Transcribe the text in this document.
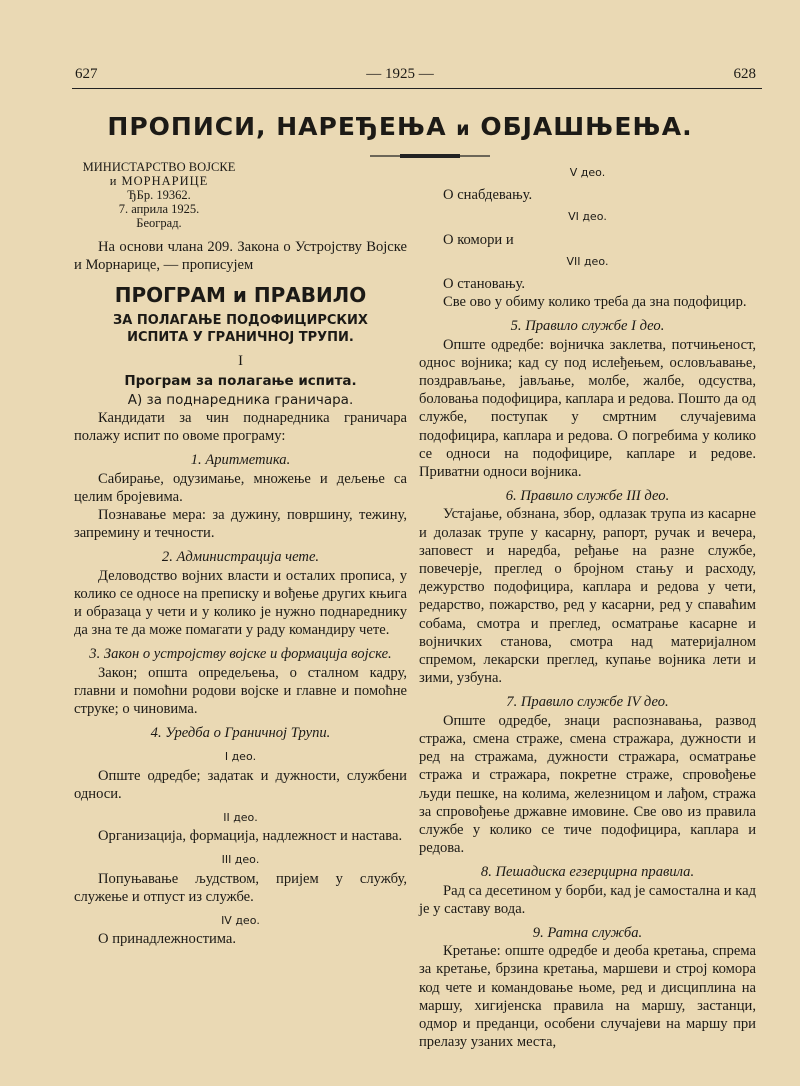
627	— 1925 —	628
ПРОПИСИ, НАРЕЂЕЊА и ОБЈАШЊЕЊА.
МИНИСТАРСТВО ВОЈСКЕ
и МОРНАРИЦЕ
ЂБр. 19362.
7. априла 1925.
Београд.

На основи члана 209. Закона о Устројству Војске и Морнарице, — прописујем

ПРОГРАМ и ПРАВИЛО
ЗА ПОЛАГАЊЕ ПОДОФИЦИРСКИХ ИСПИТА У ГРАНИЧНОЈ ТРУПИ.
I
Програм за полагање испита.
А) за поднаредника граничара.

Кандидати за чин поднаредника граничара полажу испит по овоме програму:

1. Аритметика.

Сабирање, одузимање, множење и дељење са целим бројевима.

Познавање мера: за дужину, површину, тежину, запремину и течности.

2. Администрација чете.

Деловодство војних власти и осталих прописа, у колико се односе на преписку и вођење других књига и образаца у чети и у колико је нужно поднареднику да зна те да може помагати у раду командиру чете.

3. Закон о устројству војске и формација војске.

Закон; општа опредељења, о сталном кадру, главни и помоћни родови војске и главне и помоћне струке; о чиновима.

4. Уредба о Граничној Трупи.
I део.

Опште одредбе; задатак и дужности, службени односи.

II део.

Организација, формација, надлежност и настава.

III део.

Попуњавање људством, пријем у службу, служење и отпуст из службе.

IV део.

О принадлежностима.

V део.

О снабдевању.

VI део.

О комори и

VII део.

О становању.

Све ово у обиму колико треба да зна подофицир.

5. Правило службе I део.

Опште одредбе: војничка заклетва, потчињеност, однос војника; кад су под ислеђењем, ословљавање, поздрављање, јављање, молбе, жалбе, одсуства, боловања подофицира, каплара и редова. Пошто да од службе, поступак у смртним случајевима подофицира, каплара и редова. О погребима у колико се односи на подофицире, капларе и редове. Приватни односи војника.

6. Правило службе III део.

Устајање, обзнана, збор, одлазак трупа из касарне и долазак трупе у касарну, рапорт, ручак и вечера, заповест и наредба, ређање на разне службе, повечерје, преглед о бројном стању и расходу, дежурство подофицира, каплара и редова у чети, редарство, пожарство, ред у касарни, ред у спаваћим собама, смотра и преглед, осматрање касарне и војничких станова, смотра над материјалном спремом, лекарски преглед, купање војника лети и зими, узбуна.

7. Правило службе IV део.

Опште одредбе, знаци распознавања, развод стража, смена страже, смена стражара, дужности и ред на стражама, дужности стражара, осматрање стража и стражара, покретне страже, спровођење људи пешке, на колима, железницом и лађом, стража за спровођење државне имовине. Све ово из правила службе у колико се тиче подофицира, каплара и редова.

8. Пешадиска егзерцирна правила.

Рад са десетином у борби, кад је самостална и кад је у саставу вода.

9. Ратна служба.

Кретање: опште одредбе и деоба кретања, спрема за кретање, брзина кретања, маршеви и строј комора код чете и командовање њоме, ред и дисциплина на маршу, хигијенска правила на маршу, застанци, одмор и преданци, особени случајеви на маршу при прелазу узаних места,
